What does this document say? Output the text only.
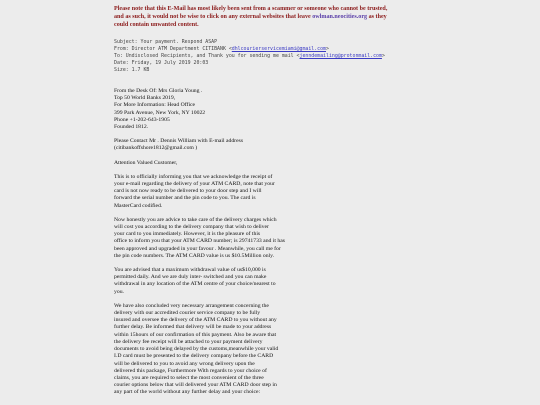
Please note that this E-Mail has most likely been sent from a scammer or someone who cannot be trusted,
and as such, it would not be wise to click on any external websites that leave owlman.neocities.org as they
could contain unwanted content.
Subject: Your payment. Respond ASAP
From: Director ATM Department CITIBANK <dhlcourierservicemiami@gmail.com>
To: Undisclosed Recipients, and Thank you for sending me mail <jenndemailing@protonmail.com>
Date: Friday, 19 July 2019 20:03
Size: 1.7 KB

From the Desk Of: Mrs Gloria Young .

Top 50 World Banks 2019,

For More Information: Head Office

399 Park Avenue, New York, NY 10022

Phone +1-202-643-1905

Founded 1812.

Please Contact Mr . Dennis William with E-mail address

(citibankoffshore1812@gmail.com )

Attention Valued Customer,

This is to officially informing you that we acknowledge the receipt of

your e-mail regarding the delivery of your ATM CARD, note that your

card is not now ready to be delivered to your door step and I will

forward the serial number and the pin code to you. The card is

MasterCard codified.

Now honestly you are advice to take care of the delivery charges which

will cost you according to the delivery company that wish to deliver

your card to you immediately. However, it is the pleasure of this

office to inform you that your ATM CARD number; is 29741733 and it has

been approved and upgraded in your favour . Meanwhile, you call me for

the pin code numbers. The ATM CARD value is us $10.5Million only.

You are advised that a maximum withdrawal value of us$10,000 is

permitted daily. And we are duly inter- switched and you can make

withdrawal in any location of the ATM centre of your choice/nearest to

you.

We have also concluded very necessary arrangement concerning the

delivery with our accredited courier service company to be fully

insured and oversee the delivery of the ATM CARD to you without any

further delay. Be informed that delivery will be made to your address

within 15hours of our confirmation of this payment. Also be aware that

the delivery fee receipt will be attached to your payment delivery

documents to avoid being delayed by the customs,meanwhile your valid

I.D card must be presented to the delivery company before the CARD

will be delivered to you to avoid any wrong delivery upon the

delivered this package, Furthermore With regards to your choice of

claims, you are required to select the most convenient of the three

courier options below that will delivered your ATM CARD door step in

any part of the world without any further delay and your choice:
